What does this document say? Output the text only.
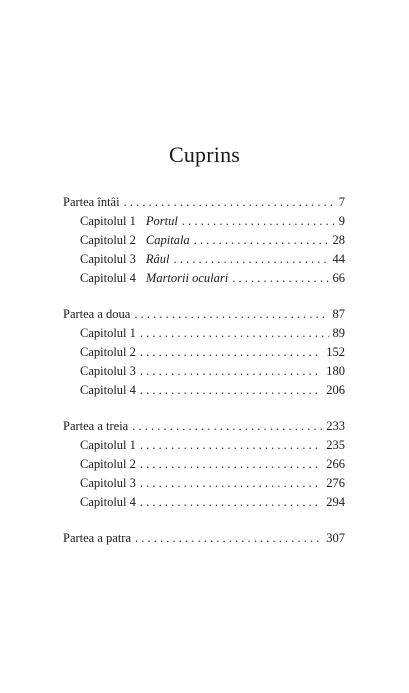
Cuprins
Partea întâi . . .	7
Capitolul 1 Portul . . .	9
Capitolul 2 Capitala . . .	28
Capitolul 3 Râul . . .	44
Capitolul 4 Martorii oculari . . .	66
Partea a doua . . .	87
Capitolul 1 . . .	89
Capitolul 2 . . .	152
Capitolul 3 . . .	180
Capitolul 4 . . .	206
Partea a treia . . .	233
Capitolul 1 . . .	235
Capitolul 2 . . .	266
Capitolul 3 . . .	276
Capitolul 4 . . .	294
Partea a patra . . .	307
